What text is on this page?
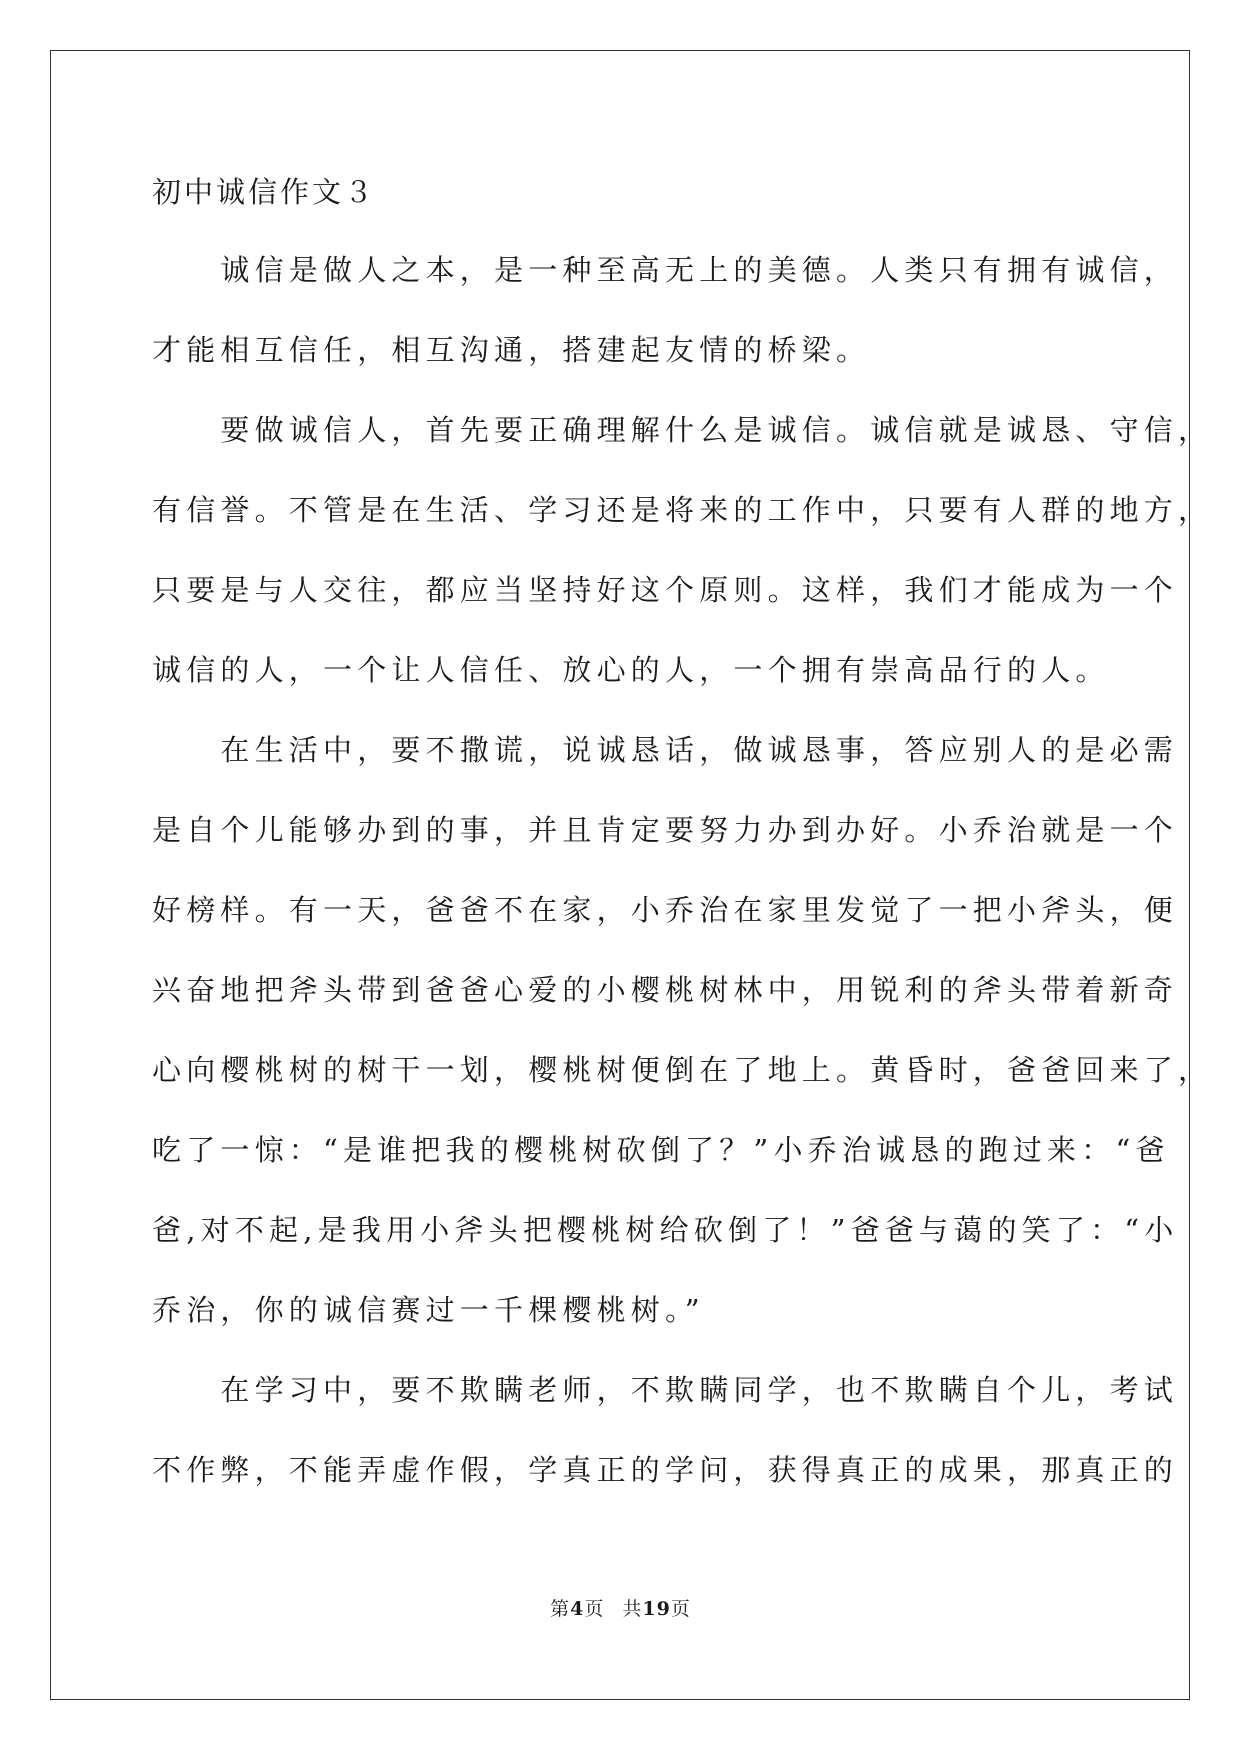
初中诚信作文３
　　诚信是做人之本，是一种至高无上的美德。人类只有拥有诚信，
才能相互信任，相互沟通，搭建起友情的桥梁。
　　要做诚信人，首先要正确理解什么是诚信。诚信就是诚恳、守信，
有信誉。不管是在生活、学习还是将来的工作中，只要有人群的地方，
只要是与人交往，都应当坚持好这个原则。这样，我们才能成为一个
诚信的人，一个让人信任、放心的人，一个拥有崇高品行的人。
　　在生活中，要不撒谎，说诚恳话，做诚恳事，答应别人的是必需
是自个儿能够办到的事，并且肯定要努力办到办好。小乔治就是一个
好榜样。有一天，爸爸不在家，小乔治在家里发觉了一把小斧头，便
兴奋地把斧头带到爸爸心爱的小樱桃树林中，用锐利的斧头带着新奇
心向樱桃树的树干一划，樱桃树便倒在了地上。黄昏时，爸爸回来了，
吃了一惊：“是谁把我的樱桃树砍倒了？”小乔治诚恳的跑过来：“爸
爸,对不起,是我用小斧头把樱桃树给砍倒了！”爸爸与蔼的笑了：“小
乔治，你的诚信赛过一千棵樱桃树。”
　　在学习中，要不欺瞒老师，不欺瞒同学，也不欺瞒自个儿，考试
不作弊，不能弄虚作假，学真正的学问，获得真正的成果，那真正的
第4页 共19页
